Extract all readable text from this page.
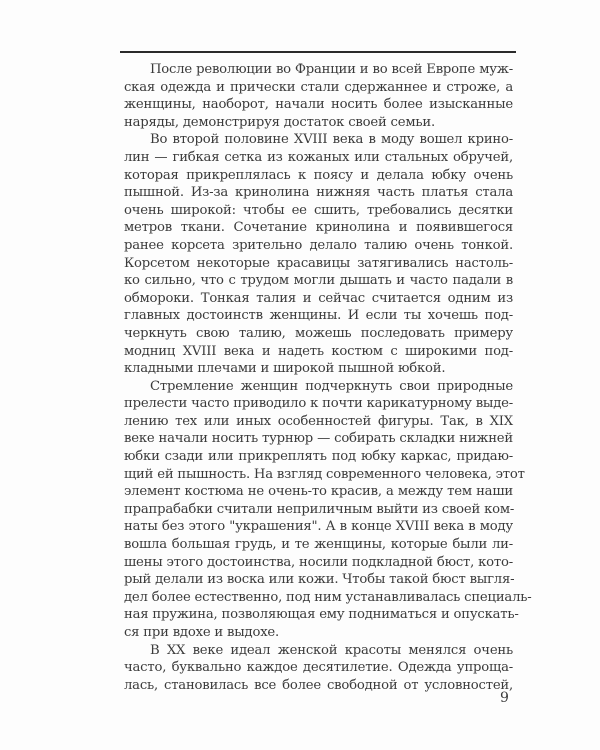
После революции во Франции и во всей Европе муж-
ская одежда и прически стали сдержаннее и строже, а
женщины, наоборот, начали носить более изысканные
наряды, демонстрируя достаток своей семьи.
Во второй половине XVIII века в моду вошел крино-
лин — гибкая сетка из кожаных или стальных обручей,
которая прикреплялась к поясу и делала юбку очень
пышной. Из-за кринолина нижняя часть платья стала
очень широкой: чтобы ее сшить, требовались десятки
метров ткани. Сочетание кринолина и появившегося
ранее корсета зрительно делало талию очень тонкой.
Корсетом некоторые красавицы затягивались настоль-
ко сильно, что с трудом могли дышать и часто падали в
обмороки. Тонкая талия и сейчас считается одним из
главных достоинств женщины. И если ты хочешь под-
черкнуть свою талию, можешь последовать примеру
модниц XVIII века и надеть костюм с широкими под-
кладными плечами и широкой пышной юбкой.
Стремление женщин подчеркнуть свои природные
прелести часто приводило к почти карикатурному выде-
лению тех или иных особенностей фигуры. Так, в XIX
веке начали носить турнюр — собирать складки нижней
юбки сзади или прикреплять под юбку каркас, придаю-
щий ей пышность. На взгляд современного человека, этот
элемент костюма не очень-то красив, а между тем наши
прапрабабки считали неприличным выйти из своей ком-
наты без этого "украшения". А в конце XVIII века в моду
вошла большая грудь, и те женщины, которые были ли-
шены этого достоинства, носили подкладной бюст, кото-
рый делали из воска или кожи. Чтобы такой бюст выгля-
дел более естественно, под ним устанавливалась специаль-
ная пружина, позволяющая ему подниматься и опускать-
ся при вдохе и выдохе.
В XX веке идеал женской красоты менялся очень
часто, буквально каждое десятилетие. Одежда упроща-
лась, становилась все более свободной от условностей,
9
